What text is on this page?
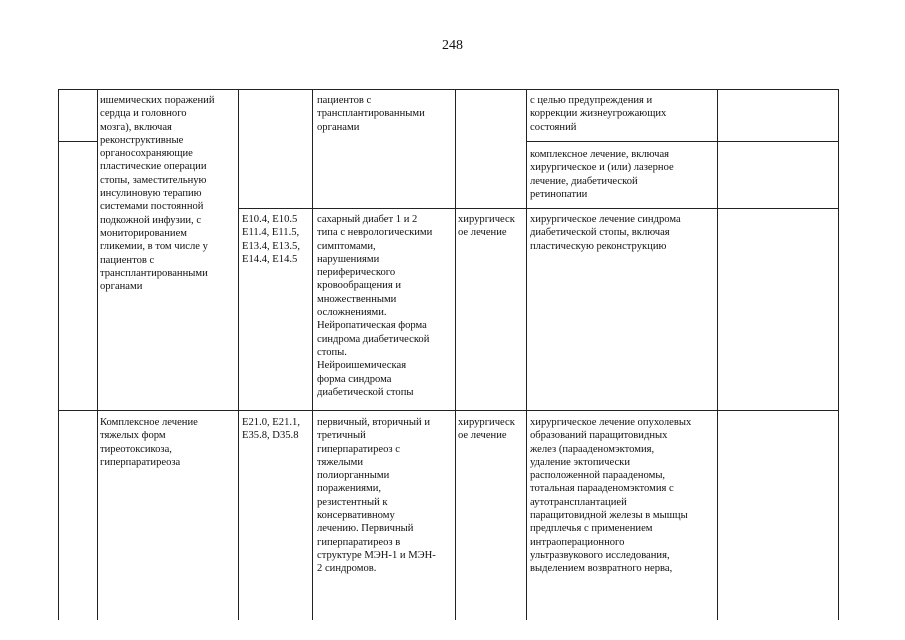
248
ишемических поражений
сердца и головного
мозга), включая
реконструктивные
органосохраняющие
пластические операции
стопы, заместительную
инсулиновую терапию
системами постоянной
подкожной инфузии, с
мониторированием
гликемии, в том числе у
пациентов с
трансплантированными
органами
пациентов с
трансплантированными
органами
с целью предупреждения и
коррекции жизнеугрожающих
состояний
комплексное лечение, включая
хирургическое и (или) лазерное
лечение, диабетической
ретинопатии
E10.4, E10.5
E11.4, E11.5,
E13.4, E13.5,
E14.4, E14.5
сахарный диабет 1 и 2
типа с неврологическими
симптомами,
нарушениями
периферического
кровообращения и
множественными
осложнениями.
Нейропатическая форма
синдрома диабетической
стопы.
Нейроишемическая
форма синдрома
диабетической стопы
хирургическ
ое лечение
хирургическое лечение синдрома
диабетической стопы, включая
пластическую реконструкцию
Комплексное лечение
тяжелых форм
тиреотоксикоза,
гиперпаратиреоза
E21.0, E21.1,
E35.8, D35.8
первичный, вторичный и
третичный
гиперпаратиреоз с
тяжелыми
полиорганными
поражениями,
резистентный к
консервативному
лечению. Первичный
гиперпаратиреоз в
структуре МЭН-1 и МЭН-
2 синдромов.
хирургическ
ое лечение
хирургическое лечение опухолевых
образований паращитовидных
желез (парааденомэктомия,
удаление эктопически
расположенной парааденомы,
тотальная парааденомэктомия с
аутотрансплантацией
паращитовидной железы в мышцы
предплечья с применением
интраоперационного
ультразвукового исследования,
выделением возвратного нерва,
